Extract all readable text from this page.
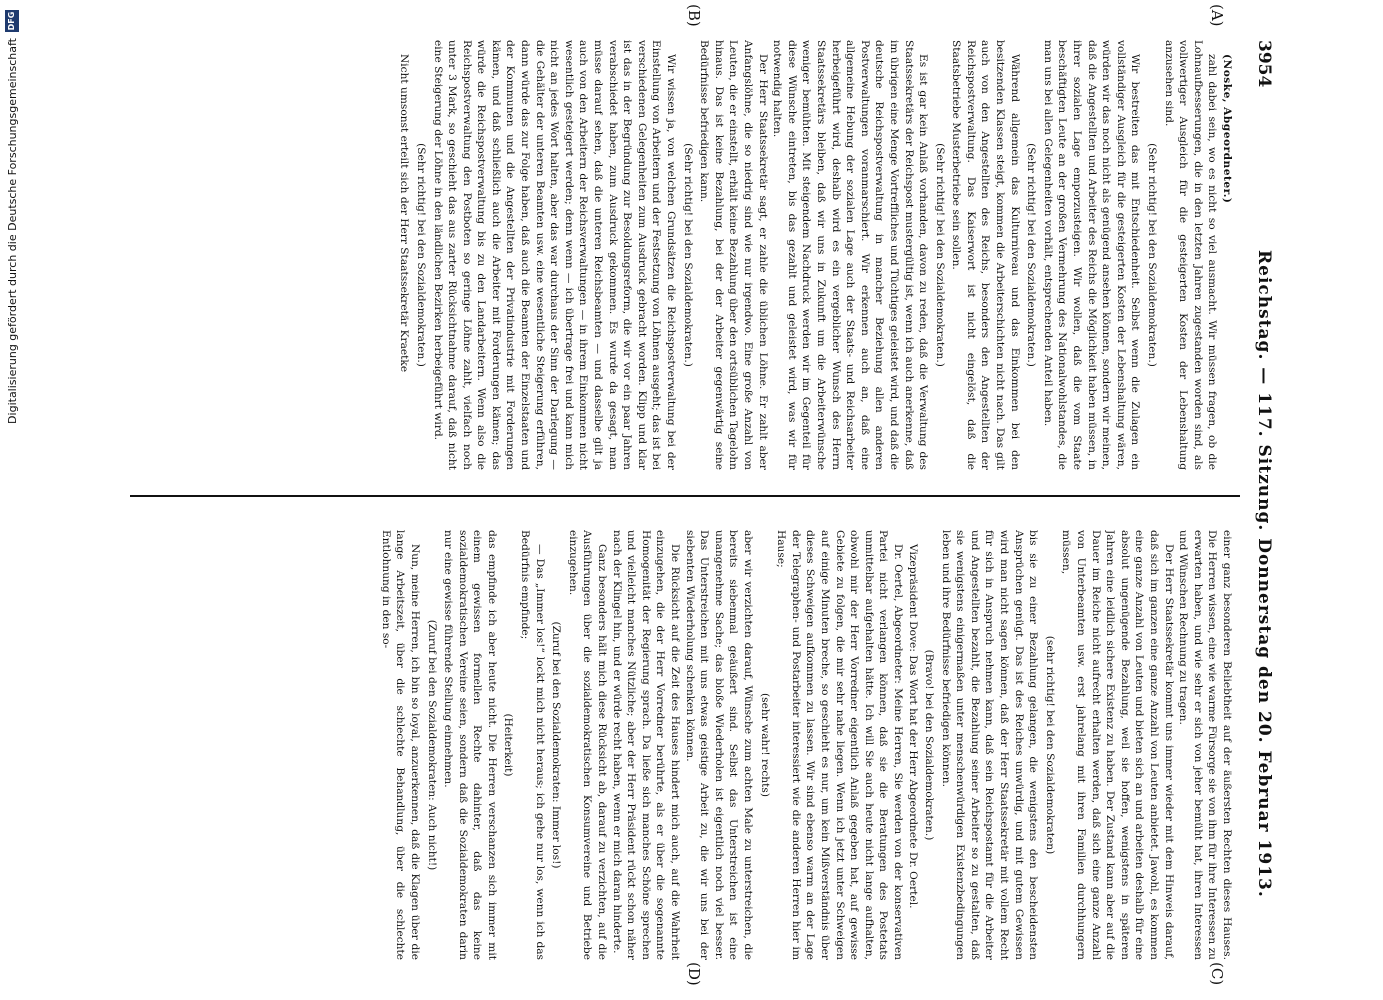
3954
Reichstag. — 117. Sitzung. Donnerstag den 20. Februar 1913.
(A)
(B)
(C)
(D)

(Noske, Abgeordneter.)

zahl dabei sein, wo es nicht so viel ausmacht. Wir müssen fragen, ob die Lohnaufbesserungen, die in den letzten Jahren zugestanden worden sind, als vollwertiger Ausgleich für die gesteigerten Kosten der Lebenshaltung anzusehen sind.

(Sehr richtig! bei den Sozialdemokraten.)

Wir bestreiten das mit Entschiedenheit. Selbst wenn die Zulagen ein vollständiger Ausgleich für die gesteigerten Kosten der Lebenshaltung wären, würden wir das noch nicht als genügend ansehen können, sondern wir meinen, daß die Angestellten und Arbeiter des Reichs die Möglichkeit haben müssen, in ihrer sozialen Lage emporzusteigen. Wir wollen, daß die vom Staate beschäftigten Leute an der großen Vermehrung des Nationalwohlstandes, die man uns bei allen Gelegenheiten vorhält, entsprechenden Anteil haben.

(Sehr richtig! bei den Sozialdemokraten.)

Während allgemein das Kulturniveau und das Einkommen bei den besitzenden Klassen steigt, kommen die Arbeiterschichten nicht nach. Das gilt auch von den Angestellten des Reichs, besonders den Angestellten der Reichspostverwaltung. Das Kaiserwort ist nicht eingelöst, daß die Staatsbetriebe Musterbetriebe sein sollen.

(Sehr richtig! bei den Sozialdemokraten.)

Es ist gar kein Anlaß vorhanden, davon zu reden, daß die Verwaltung des Staatssekretärs der Reichspost mustergültig ist, wenn ich auch anerkenne, daß im übrigen eine Menge Vortreffliches und Tüchtiges geleistet wird, und daß die deutsche Reichspostverwaltung in mancher Beziehung allen anderen Postverwaltungen voranmarschiert. Wir erkennen auch an, daß eine allgemeine Hebung der sozialen Lage auch der Staats- und Reichsarbeiter herbeigeführt wird, deshalb wird es ein vergeblicher Wunsch des Herrn Staatssekretärs bleiben, daß wir uns in Zukunft um die Arbeiterwünsche weniger bemühten. Mit steigendem Nachdruck werden wir im Gegenteil für diese Wünsche eintreten, bis das gezahlt und geleistet wird, was wir für notwendig halten.

Der Herr Staatssekretär sagt, er zahle die üblichen Löhne. Er zahlt aber Anfangslöhne, die so niedrig sind wie nur irgendwo. Eine große Anzahl von Leuten, die er einstellt, erhält keine Bezahlung über den ortsüblichen Tagelohn hinaus. Das ist keine Bezahlung, bei der der Arbeiter gegenwärtig seine Bedürfnisse befriedigen kann.

(Sehr richtig! bei den Sozialdemokraten.)

Wir wissen ja, von welchen Grundsätzen die Reichspostverwaltung bei der Einstellung von Arbeitern und der Festsetzung von Löhnen ausgeht; das ist bei verschiedenen Gelegenheiten zum Ausdruck gebracht worden. Klipp und klar ist das in der Begründung zur Besoldungsreform, die wir vor ein paar Jahren verabschiedet haben, zum Ausdruck gekommen. Es wurde da gesagt, man müsse darauf sehen, daß die unteren Reichsbeamten — und dasselbe gilt ja auch von den Arbeitern der Reichsverwaltungen — in ihrem Einkommen nicht wesentlich gesteigert werden; denn wenn — ich übertrage frei und kann mich nicht an jedes Wort halten, aber das war durchaus der Sinn der Darlegung — die Gehälter der unteren Beamten usw. eine wesentliche Steigerung erführen, dann würde das zur Folge haben, daß auch die Beamten der Einzelstaaten und der Kommunen und die Angestellten der Privatindustrie mit Forderungen kämen, und daß schließlich auch die Arbeiter mit Forderungen kämen; das würde die Reichspostverwaltung bis zu den Landarbeitern. Wenn also die Reichspostverwaltung den Postboten so geringe Löhne zahlt, vielfach noch unter 3 Mark, so geschieht das aus zarter Rücksichtnahme darauf, daß nicht eine Steigerung der Löhne in den ländlichen Bezirken herbeigeführt wird.

(Sehr richtig! bei den Sozialdemokraten.)

Nicht umsonst erteilt sich der Herr Staatssekretär Kraetke

einer ganz besonderen Beliebtheit auf der äußersten Rechten dieses Hauses. Die Herren wissen, eine wie warme Fürsorge sie von ihm für ihre Interessen zu erwarten haben, und wie sehr er sich von jeher bemüht hat, ihren Interessen und Wünschen Rechnung zu tragen.

Der Herr Staatssekretär kommt uns immer wieder mit dem Hinweis darauf, daß sich im ganzen eine ganze Anzahl von Leuten anbietet. Jawohl, es kommen eine ganze Anzahl von Leuten und bieten sich an und arbeiten deshalb für eine absolut ungenügende Bezahlung, weil sie hoffen, wenigstens in späteren Jahren eine leidlich sichere Existenz zu haben. Der Zustand kann aber auf die Dauer im Reiche nicht aufrecht erhalten werden, daß sich eine ganze Anzahl von Unterbeamten usw. erst jahrelang mit ihren Familien durchhungern müssen,

(sehr richtig! bei den Sozialdemokraten)

bis sie zu einer Bezahlung gelangen, die wenigstens den bescheidensten Ansprüchen genügt. Das ist des Reiches unwürdig, und mit gutem Gewissen wird man nicht sagen können, daß der Herr Staatssekretär mit vollem Recht für sich in Anspruch nehmen kann, daß sein Reichspostamt für die Arbeiter und Angestellten bezahlt, die Bezahlung seiner Arbeiter so zu gestalten, daß sie wenigstens einigermaßen unter menschenwürdigen Existenzbedingungen leben und ihre Bedürfnisse befriedigen können.

(Bravo! bei den Sozialdemokraten.)

Vizepräsident Dove: Das Wort hat der Herr Abgeordnete Dr. Oertel.

Dr. Oertel, Abgeordneter: Meine Herren, Sie werden von der konservativen Partei nicht verlangen können, daß sie die Beratungen des Postetats unmittelbar aufgehalten hätte. Ich will Sie auch heute nicht lange aufhalten, obwohl mir der Herr Vorredner eigentlich Anlaß gegeben hat, auf gewisse Gebiete zu folgen, die mir sehr nahe liegen. Wenn ich jetzt unter Schweigen auf einige Minuten breche, so geschieht es nur, um kein Mißverständnis über dieses Schweigen aufkommen zu lassen. Wir sind ebenso warm an der Lage der Telegraphen- und Postarbeiter interessiert wie die anderen Herren hier im Hause;

(sehr wahr! rechts)

aber wir verzichten darauf, Wünsche zum achten Male zu unterstreichen, die bereits siebenmal geäußert sind. Selbst das Unterstreichen ist eine unangenehme Sache; das bloße Wiederholen ist eigentlich noch viel besser. Das Unterstreichen mit uns etwas geistige Arbeit zu, die wir uns bei der siebenten Wiederholung schenken können.

Die Rücksicht auf die Zeit des Hauses hindert mich auch, auf die Wahrheit einzugehen, die der Herr Vorredner berührte, als er über die sogenannte Homogenität der Regierung sprach. Da ließe sich manches Schöne sprechen und vielleicht manches Nützliche; aber der Herr Präsident rückt schon näher nach der Klingel hin, und er würde recht haben, wenn er mich daran hinderte.

Ganz besonders hält mich diese Rücksicht ab, darauf zu verzichten, auf die Ausführungen über die sozialdemokratischen Konsumvereine und Betriebe einzugehen.

(Zuruf bei den Sozialdemokraten: Immer los!)

— Das „Immer los!“ lockt mich nicht heraus; ich gehe nur los, wenn ich das Bedürfnis empfinde;

(Heiterkeit)

das empfinde ich aber heute nicht. Die Herren verschanzen sich immer mit einem gewissen formellen Rechte dahinter, daß das keine sozialdemokratischen Vereine seien, sondern daß die Sozialdemokraten darin nur eine gewisse führende Stellung einnehmen.

(Zuruf bei den Sozialdemokraten: Auch nicht!)

Nun, meine Herren, ich bin so loyal, anzuerkennen, daß die Klagen über die lange Arbeitszeit, über die schlechte Behandlung, über die schlechte Entlohnung in den so-

Digitalisierung gefördert durch die Deutsche Forschungsgemeinschaft
DFG
